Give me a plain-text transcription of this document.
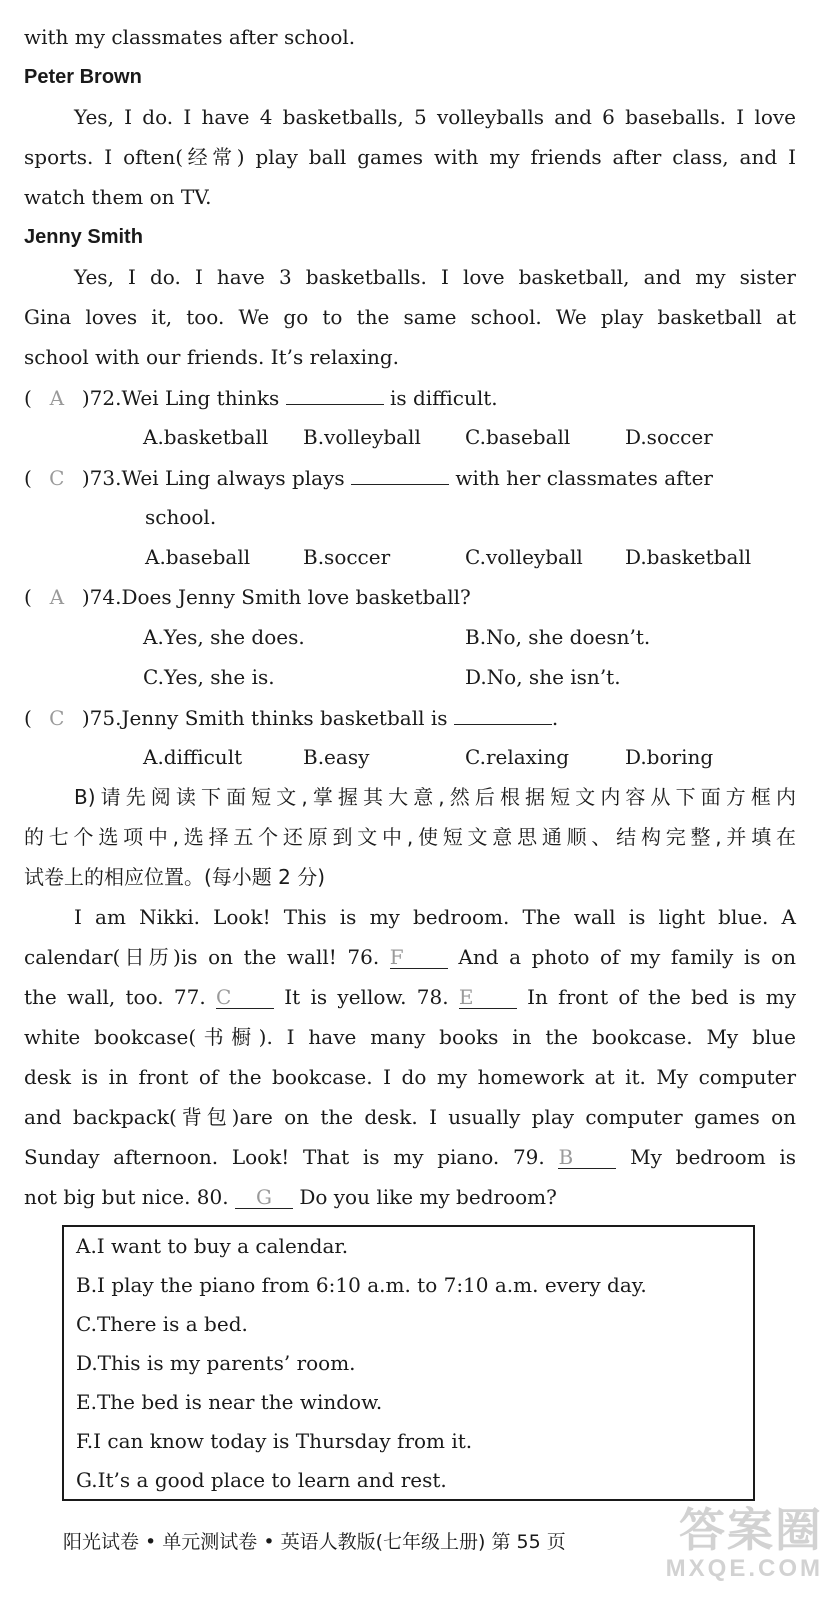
with my classmates after school.
Peter Brown
Yes, I do. I have 4 basketballs, 5 volleyballs and 6 baseballs. I love
sports. I often(经常) play ball games with my friends after class, and I
watch them on TV.
Jenny Smith
Yes, I do. I have 3 basketballs. I love basketball, and my sister
Gina loves it, too. We go to the same school. We play basketball at
school with our friends. It’s relaxing.
( A )72.Wei Ling thinks	is difficult.
A.basketball B.volleyball C.baseball	D.soccer
( C )73.Wei Ling always plays	with her classmates after
school.
A.baseball	B.soccer	C.volleyball D.basketball
( A )74.Does Jenny Smith love basketball?
A.Yes, she does.	B.No, she doesn’t.
C.Yes, she is.	D.No, she isn’t.
( C )75.Jenny Smith thinks basketball is	.
A.difficult	B.easy	C.relaxing	D.boring
B)请先阅读下面短文,掌握其大意,然后根据短文内容从下面方框内
的七个选项中,选择五个还原到文中,使短文意思通顺、结构完整,并填在
试卷上的相应位置。(每小题 2 分)
I am Nikki. Look! This is my bedroom. The wall is light blue. A
calendar(日历)is on the wall! 76. F	And a photo of my family is on
the wall, too. 77. C	It is yellow. 78. E	In front of the bed is my
white bookcase(书橱). I have many books in the bookcase. My blue
desk is in front of the bookcase. I do my homework at it. My computer
and backpack(背包)are on the desk. I usually play computer games on
Sunday afternoon. Look! That is my piano. 79. B	My bedroom is
not big but nice. 80. G Do you like my bedroom?
A.I want to buy a calendar.
B.I play the piano from 6:10 a.m. to 7:10 a.m. every day.
C.There is a bed.
D.This is my parents’ room.
E.The bed is near the window.
F.I can know today is Thursday from it.
G.It’s a good place to learn and rest.
阳光试卷 • 单元测试卷 • 英语人教版(七年级上册) 第 55 页 答案圈
MXQE.COM
